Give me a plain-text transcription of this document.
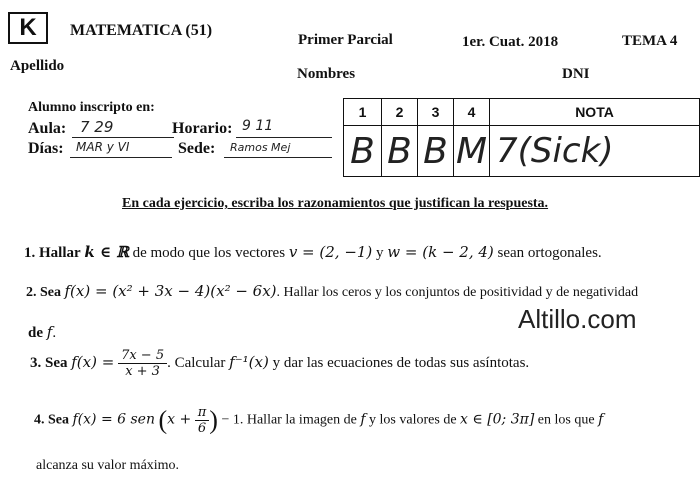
K	MATEMATICA (51)
Primer Parcial	1er. Cuat. 2018	TEMA 4
Apellido	Nombres	DNI
Alumno inscripto en:
Aula: 7 29	Horario: 9 11
Días: MAR y VI	Sede: Ramos Mej
1	2	3	4	NOTA
B	B	B	M	7(Sick)
En cada ejercicio, escriba los razonamientos que justifican la respuesta.
1. Hallar k ∈ ℝ de modo que los vectores v = (2, −1) y w = (k − 2, 4) sean ortogonales.
2. Sea f(x) = (x² + 3x − 4)(x² − 6x). Hallar los ceros y los conjuntos de positividad y de negatividad
de f.	Altillo.com
3. Sea $f(x) = \frac{7x - 5}{x + 3}$ . Calcular f⁻¹(x) y dar las ecuaciones de todas sus asíntotas.
4. Sea f(x) = 6 sen ($x + \frac{\pi}{6}$ ) − 1. Hallar la imagen de f y los valores de x ∈ [0; 3π] en los que f
alcanza su valor máximo.
